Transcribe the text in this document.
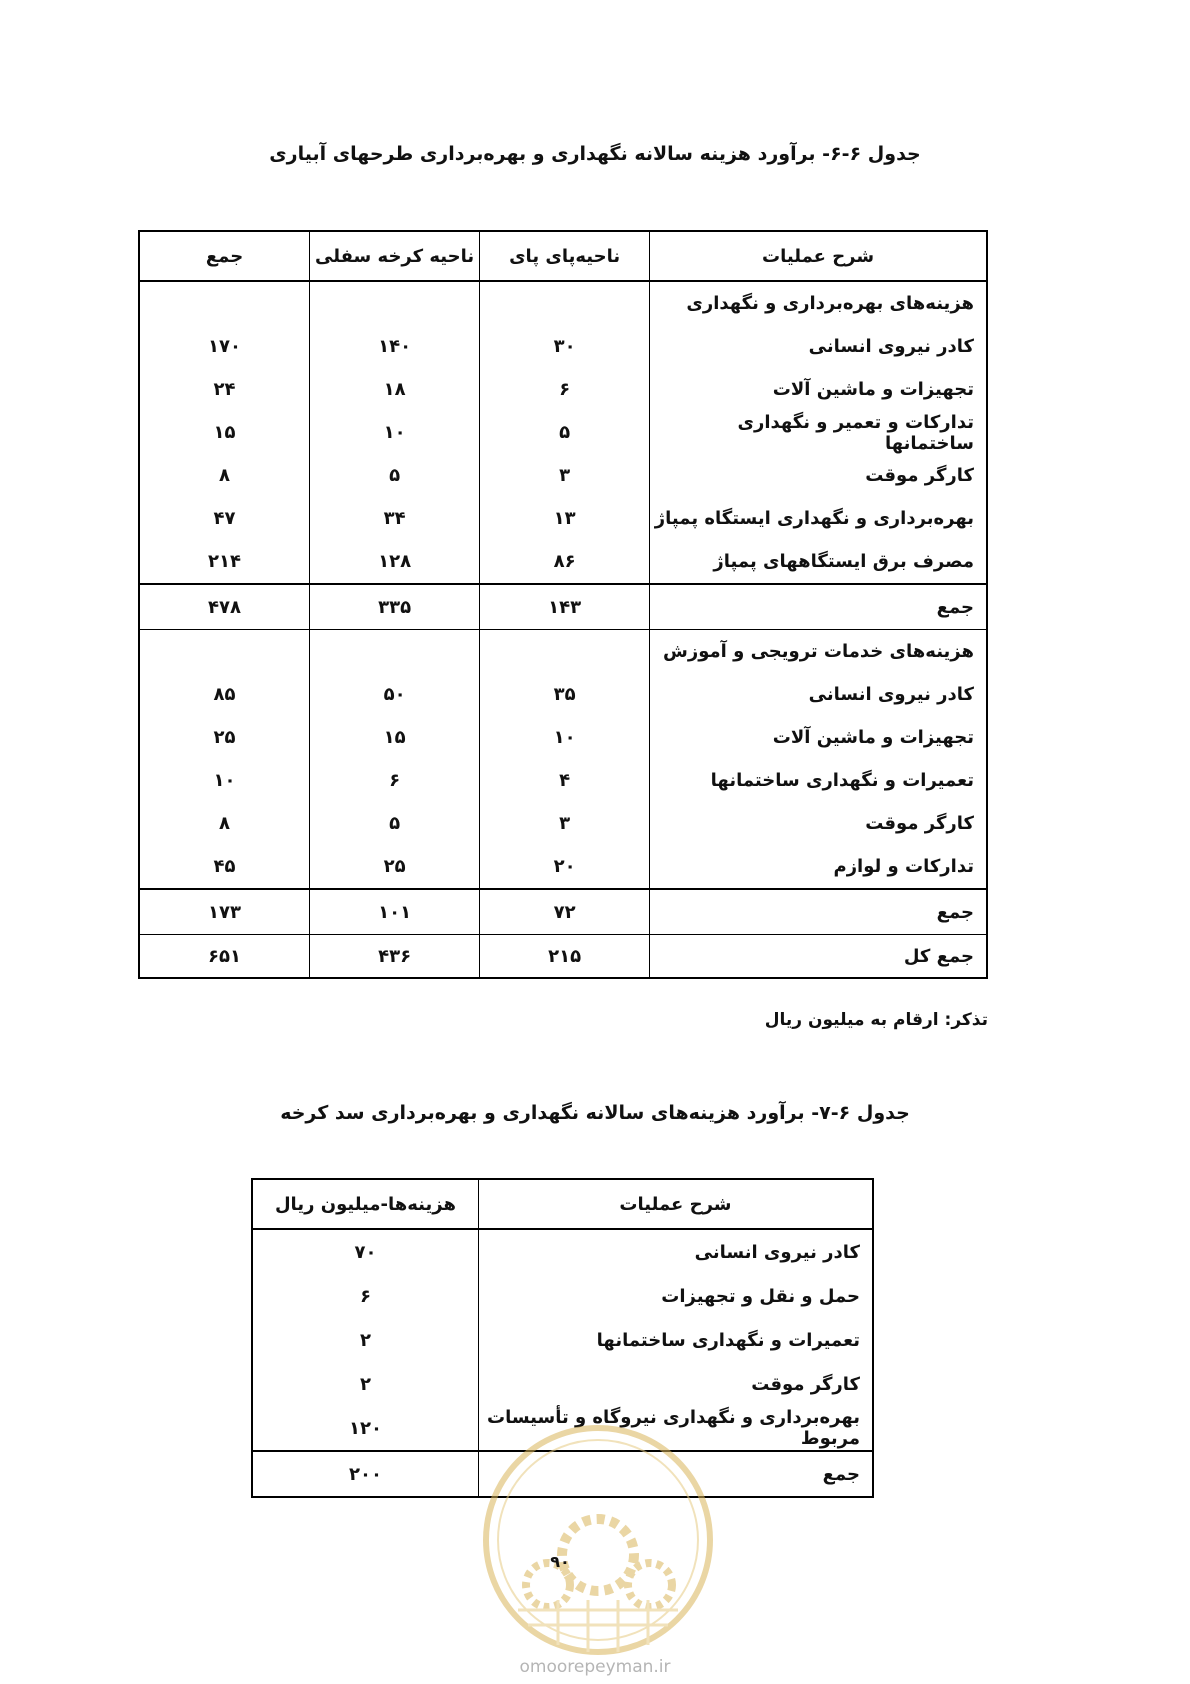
جدول ۶-۶- برآورد هزینه سالانه نگهداری و بهره‌برداری طرحهای آبیاری
شرح عملیات	ناحیه‌پای پای	ناحیه کرخه سفلی	جمع
هزینه‌های بهره‌برداری و نگهداری			
کادر نیروی انسانی	۳۰	۱۴۰	۱۷۰
تجهیزات و ماشین آلات	۶	۱۸	۲۴
تدارکات و تعمیر و نگهداری ساختمانها	۵	۱۰	۱۵
کارگر موقت	۳	۵	۸
بهره‌برداری و نگهداری ایستگاه پمپاژ	۱۳	۳۴	۴۷
مصرف برق ایستگاههای پمپاژ	۸۶	۱۲۸	۲۱۴
جمع	۱۴۳	۳۳۵	۴۷۸
هزینه‌های خدمات ترویجی و آموزش			
کادر نیروی انسانی	۳۵	۵۰	۸۵
تجهیزات و ماشین آلات	۱۰	۱۵	۲۵
تعمیرات و نگهداری ساختمانها	۴	۶	۱۰
کارگر موقت	۳	۵	۸
تدارکات و لوازم	۲۰	۲۵	۴۵
جمع	۷۲	۱۰۱	۱۷۳
جمع کل	۲۱۵	۴۳۶	۶۵۱
تذکر: ارقام به میلیون ریال
جدول ۶-۷- برآورد هزینه‌های سالانه نگهداری و بهره‌برداری سد کرخه
شرح عملیات	هزینه‌ها-میلیون ریال
کادر نیروی انسانی	۷۰
حمل و نقل و تجهیزات	۶
تعمیرات و نگهداری ساختمانها	۲
کارگر موقت	۲
بهره‌برداری و نگهداری نیروگاه و تأسیسات مربوط	۱۲۰
جمع	۲۰۰
۹۰
omoorepeyman.ir
